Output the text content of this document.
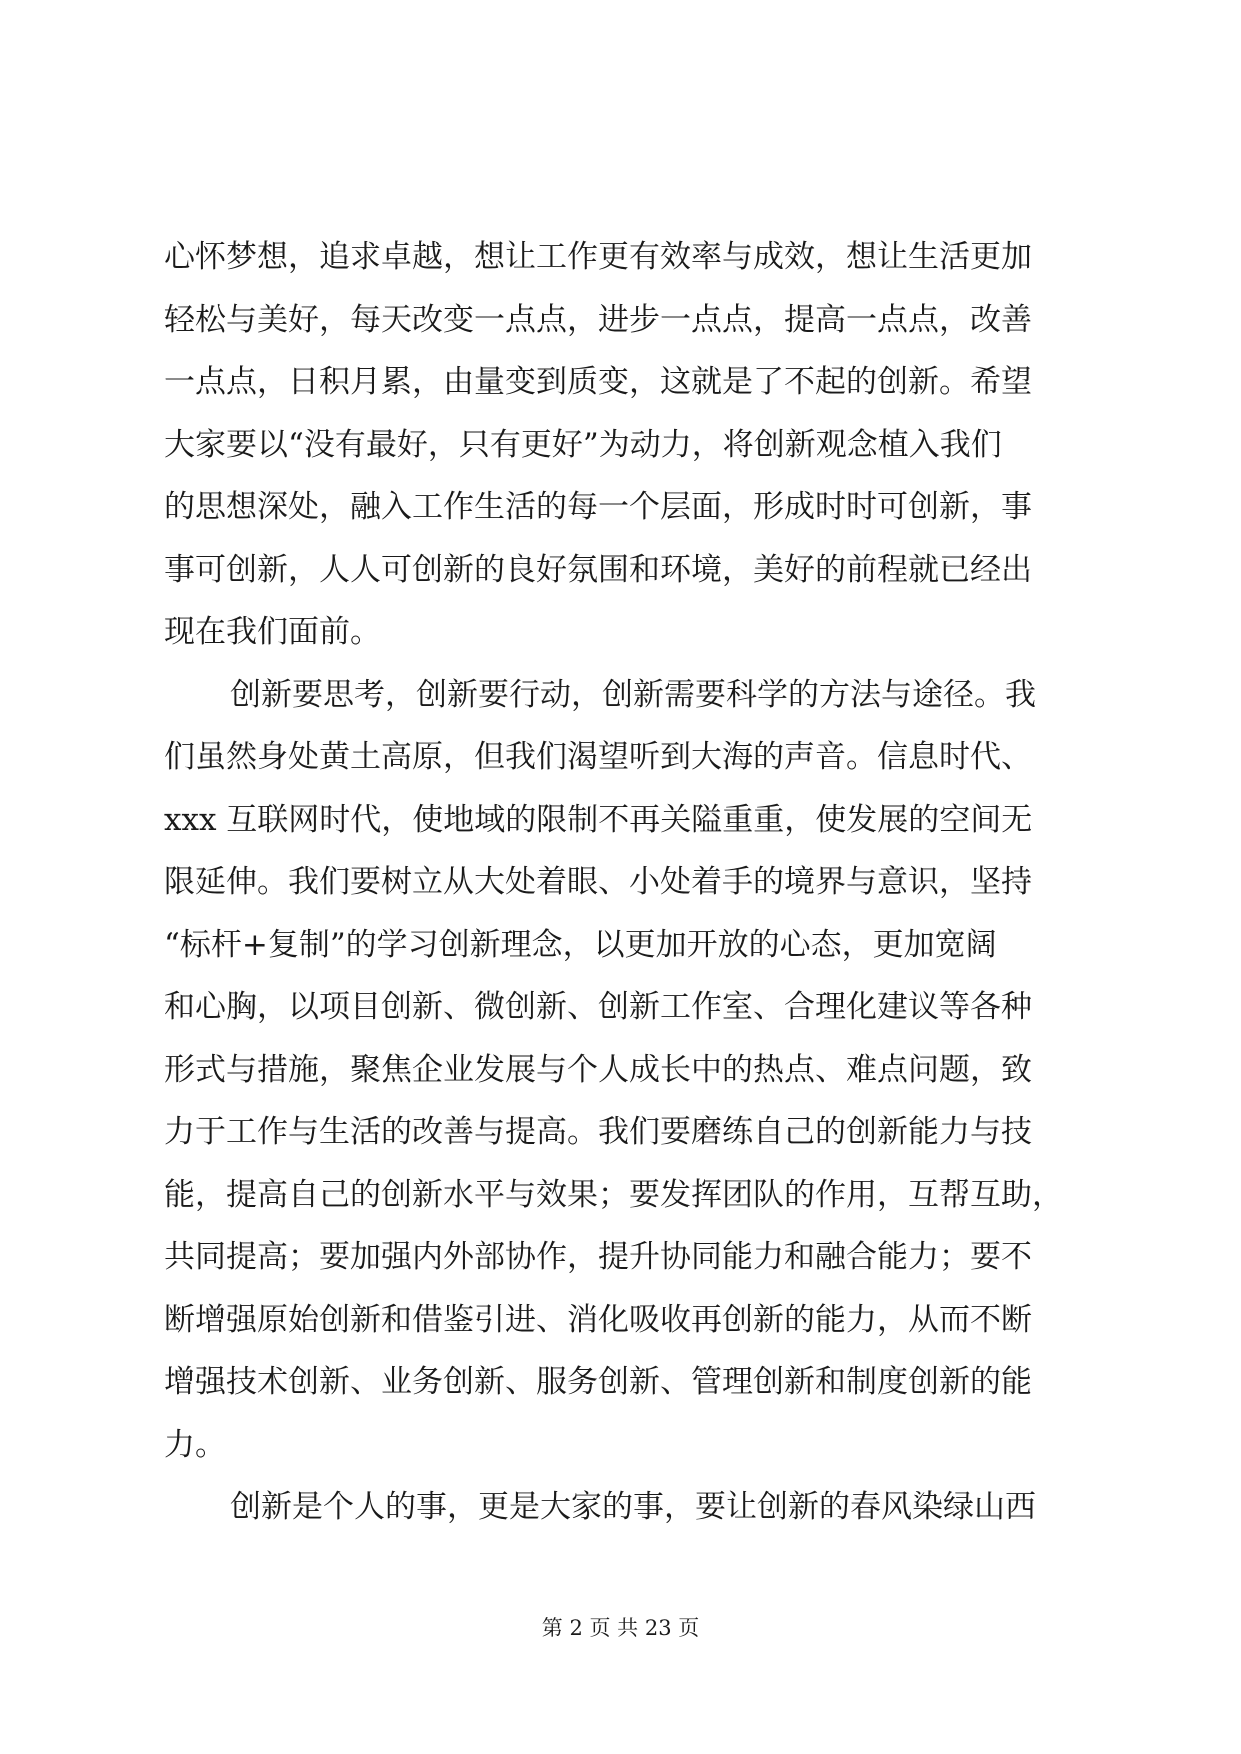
心怀梦想，追求卓越，想让工作更有效率与成效，想让生活更加
轻松与美好，每天改变一点点，进步一点点，提高一点点，改善
一点点，日积月累，由量变到质变，这就是了不起的创新。希望
大家要以“没有最好，只有更好”为动力，将创新观念植入我们
的思想深处，融入工作生活的每一个层面，形成时时可创新，事
事可创新，人人可创新的良好氛围和环境，美好的前程就已经出
现在我们面前。
创新要思考，创新要行动，创新需要科学的方法与途径。我
们虽然身处黄土高原，但我们渴望听到大海的声音。信息时代、
xxx 互联网时代，使地域的限制不再关隘重重，使发展的空间无
限延伸。我们要树立从大处着眼、小处着手的境界与意识，坚持
“标杆+复制”的学习创新理念，以更加开放的心态，更加宽阔
和心胸，以项目创新、微创新、创新工作室、合理化建议等各种
形式与措施，聚焦企业发展与个人成长中的热点、难点问题，致
力于工作与生活的改善与提高。我们要磨练自己的创新能力与技
能，提高自己的创新水平与效果；要发挥团队的作用，互帮互助，
共同提高；要加强内外部协作，提升协同能力和融合能力；要不
断增强原始创新和借鉴引进、消化吸收再创新的能力，从而不断
增强技术创新、业务创新、服务创新、管理创新和制度创新的能
力。
创新是个人的事，更是大家的事，要让创新的春风染绿山西
第 2 页 共 23 页
